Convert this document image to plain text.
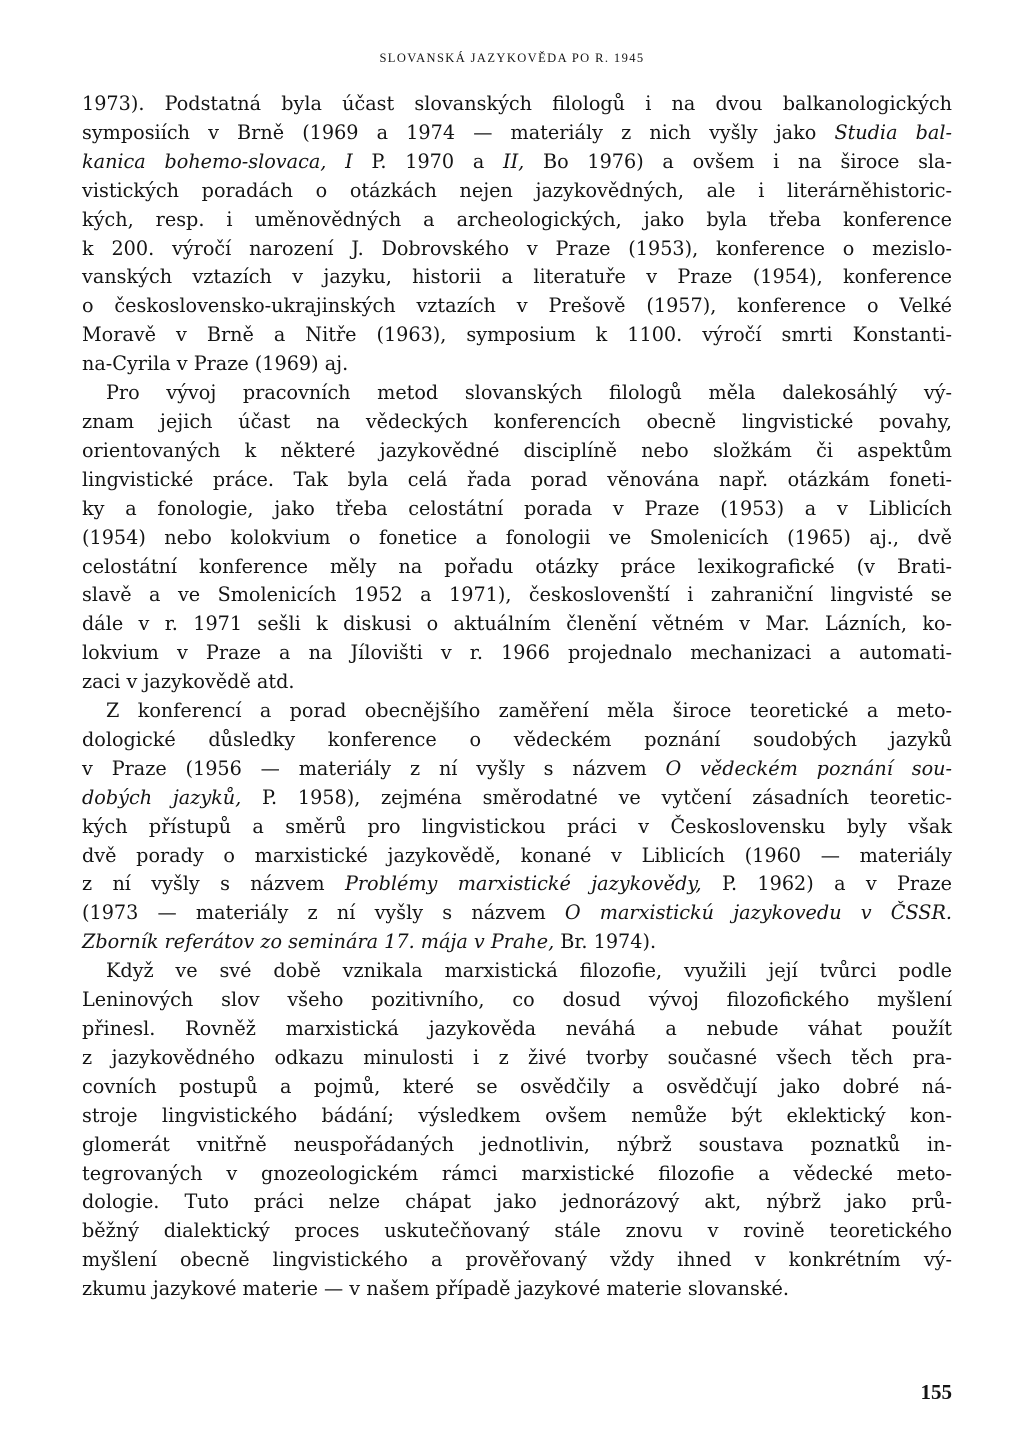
SLOVANSKÁ JAZYKOVĚDA PO R. 1945
1973). Podstatná byla účast slovanských filologů i na dvou balkanologických
symposiích v Brně (1969 a 1974 — materiály z nich vyšly jako Studia bal-
kanica bohemo-slovaca, I P. 1970 a II, Bo 1976) a ovšem i na široce sla-
vistických poradách o otázkách nejen jazykovědných, ale i literárněhistoric-
kých, resp. i uměnovědných a archeologických, jako byla třeba konference
k 200. výročí narození J. Dobrovského v Praze (1953), konference o mezislo-
vanských vztazích v jazyku, historii a literatuře v Praze (1954), konference
o československo-ukrajinských vztazích v Prešově (1957), konference o Velké
Moravě v Brně a Nitře (1963), symposium k 1100. výročí smrti Konstanti-
na-Cyrila v Praze (1969) aj.
Pro vývoj pracovních metod slovanských filologů měla dalekosáhlý vý-
znam jejich účast na vědeckých konferencích obecně lingvistické povahy,
orientovaných k některé jazykovědné disciplíně nebo složkám či aspektům
lingvistické práce. Tak byla celá řada porad věnována např. otázkám foneti-
ky a fonologie, jako třeba celostátní porada v Praze (1953) a v Liblicích
(1954) nebo kolokvium o fonetice a fonologii ve Smolenicích (1965) aj., dvě
celostátní konference měly na pořadu otázky práce lexikografické (v Brati-
slavě a ve Smolenicích 1952 a 1971), českoslovenští i zahraniční lingvisté se
dále v r. 1971 sešli k diskusi o aktuálním členění větném v Mar. Lázních, ko-
lokvium v Praze a na Jílovišti v r. 1966 projednalo mechanizaci a automati-
zaci v jazykovědě atd.
Z konferencí a porad obecnějšího zaměření měla široce teoretické a meto-
dologické důsledky konference o vědeckém poznání soudobých jazyků
v Praze (1956 — materiály z ní vyšly s názvem O vědeckém poznání sou-
dobých jazyků, P. 1958), zejména směrodatné ve vytčení zásadních teoretic-
kých přístupů a směrů pro lingvistickou práci v Československu byly však
dvě porady o marxistické jazykovědě, konané v Liblicích (1960 — materiály
z ní vyšly s názvem Problémy marxistické jazykovědy, P. 1962) a v Praze
(1973 — materiály z ní vyšly s názvem O marxistickú jazykovedu v ČSSR.
Zborník referátov zo seminára 17. mája v Prahe, Br. 1974).
Když ve své době vznikala marxistická filozofie, využili její tvůrci podle
Leninových slov všeho pozitivního, co dosud vývoj filozofického myšlení
přinesl. Rovněž marxistická jazykověda neváhá a nebude váhat použít
z jazykovědného odkazu minulosti i z živé tvorby současné všech těch pra-
covních postupů a pojmů, které se osvědčily a osvědčují jako dobré ná-
stroje lingvistického bádání; výsledkem ovšem nemůže být eklektický kon-
glomerát vnitřně neuspořádaných jednotlivin, nýbrž soustava poznatků in-
tegrovaných v gnozeologickém rámci marxistické filozofie a vědecké meto-
dologie. Tuto práci nelze chápat jako jednorázový akt, nýbrž jako prů-
běžný dialektický proces uskutečňovaný stále znovu v rovině teoretického
myšlení obecně lingvistického a prověřovaný vždy ihned v konkrétním vý-
zkumu jazykové materie — v našem případě jazykové materie slovanské.
155
